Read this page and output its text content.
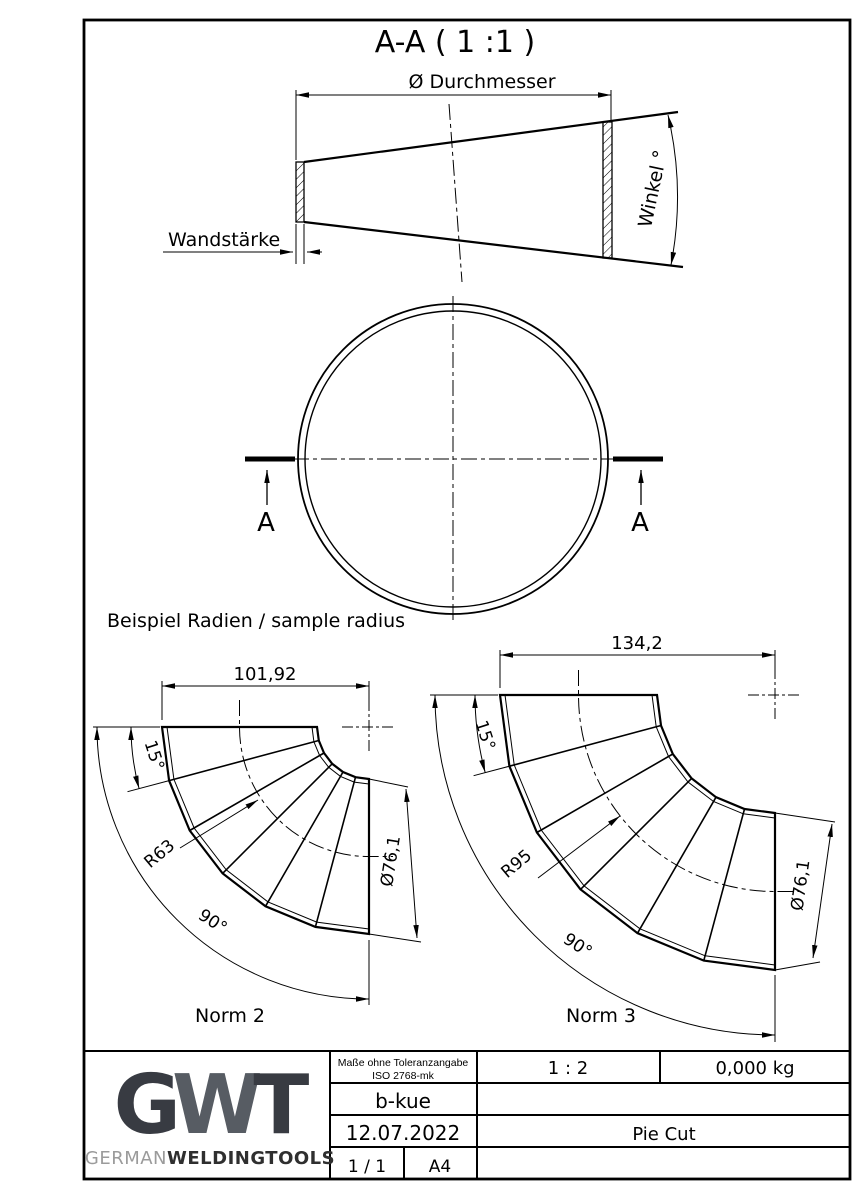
A-A ( 1 :1 )
Ø Durchmesser
Winkel °
Wandstärke
A	A
Beispiel Radien / sample radius
101,92
15°
R63
90°
Ø76,1
Norm 2
134,2
15°
R95
90°
Ø76,1
Norm 3
Maße ohne Toleranzangabe
ISO 2768-mk	1 : 2	0,000 kg
b-kue
12.07.2022	Pie Cut
1 / 1	A4
GWT
GERMANWELDINGTOOLS
